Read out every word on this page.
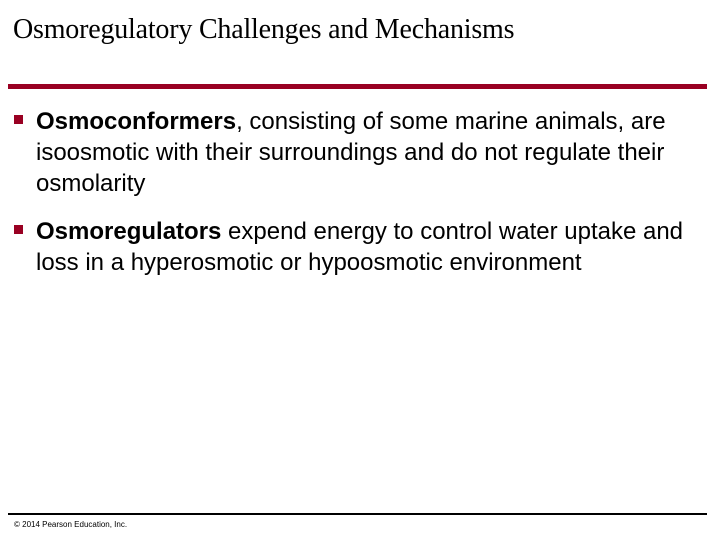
Osmoregulatory Challenges and Mechanisms
Osmoconformers, consisting of some marine animals, are isoosmotic with their surroundings and do not regulate their osmolarity
Osmoregulators expend energy to control water uptake and loss in a hyperosmotic or hypoosmotic environment
© 2014 Pearson Education, Inc.
